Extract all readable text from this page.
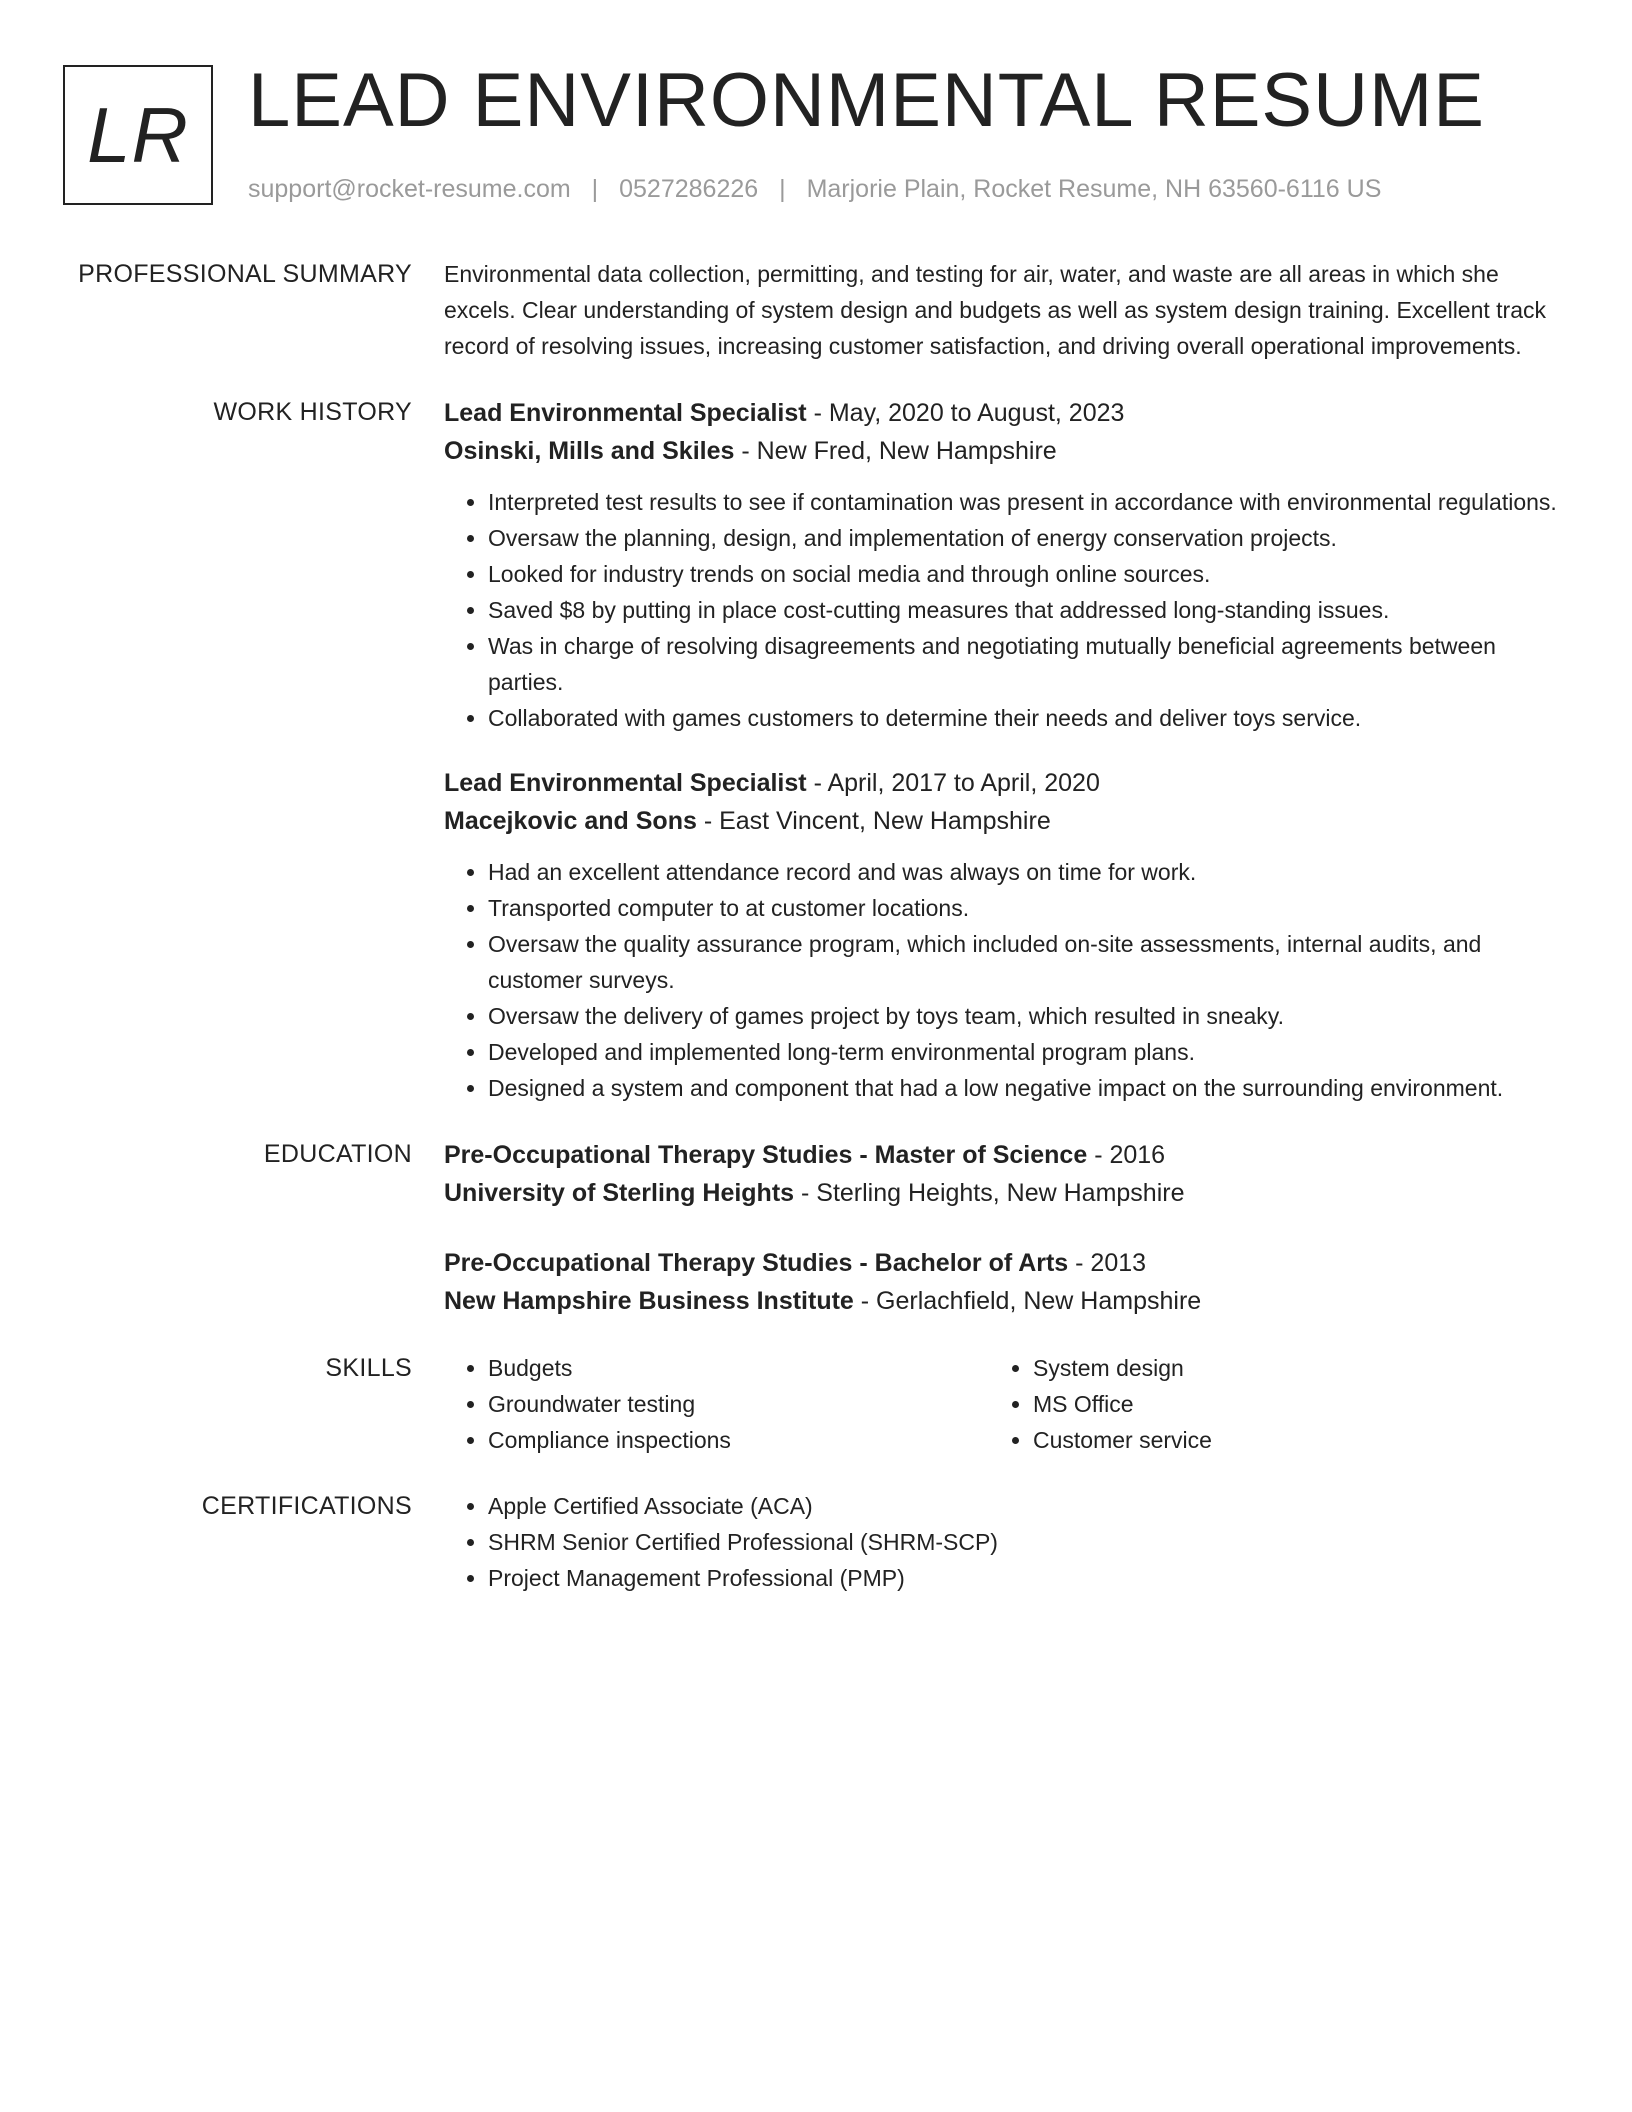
LR LEAD ENVIRONMENTAL RESUME
support@rocket-resume.com | 0527286226 | Marjorie Plain, Rocket Resume, NH 63560-6116 US
PROFESSIONAL SUMMARY Environmental data collection, permitting, and testing for air, water, and waste are all areas in which she excels. Clear understanding of system design and budgets as well as system design training. Excellent track record of resolving issues, increasing customer satisfaction, and driving overall operational improvements.

WORK HISTORY Lead Environmental Specialist - May, 2020 to August, 2023
Osinski, Mills and Skiles - New Fred, New Hampshire
• Interpreted test results to see if contamination was present in accordance with environmental regulations.
• Oversaw the planning, design, and implementation of energy conservation projects.
• Looked for industry trends on social media and through online sources.
• Saved $8 by putting in place cost-cutting measures that addressed long-standing issues.
• Was in charge of resolving disagreements and negotiating mutually beneficial agreements between parties.
• Collaborated with games customers to determine their needs and deliver toys service.
Lead Environmental Specialist - April, 2017 to April, 2020
Macejkovic and Sons - East Vincent, New Hampshire
• Had an excellent attendance record and was always on time for work.
• Transported computer to at customer locations.
• Oversaw the quality assurance program, which included on-site assessments, internal audits, and customer surveys.
• Oversaw the delivery of games project by toys team, which resulted in sneaky.
• Developed and implemented long-term environmental program plans.
• Designed a system and component that had a low negative impact on the surrounding environment.
EDUCATION Pre-Occupational Therapy Studies - Master of Science - 2016
University of Sterling Heights - Sterling Heights, New Hampshire
Pre-Occupational Therapy Studies - Bachelor of Arts - 2013
New Hampshire Business Institute - Gerlachfield, New Hampshire
SKILLS	• Budgets
• Groundwater testing
• Compliance inspections
• System design
• MS Office
• Customer service
CERTIFICATIONS	• Apple Certified Associate (ACA)
• SHRM Senior Certified Professional (SHRM-SCP)
• Project Management Professional (PMP)
